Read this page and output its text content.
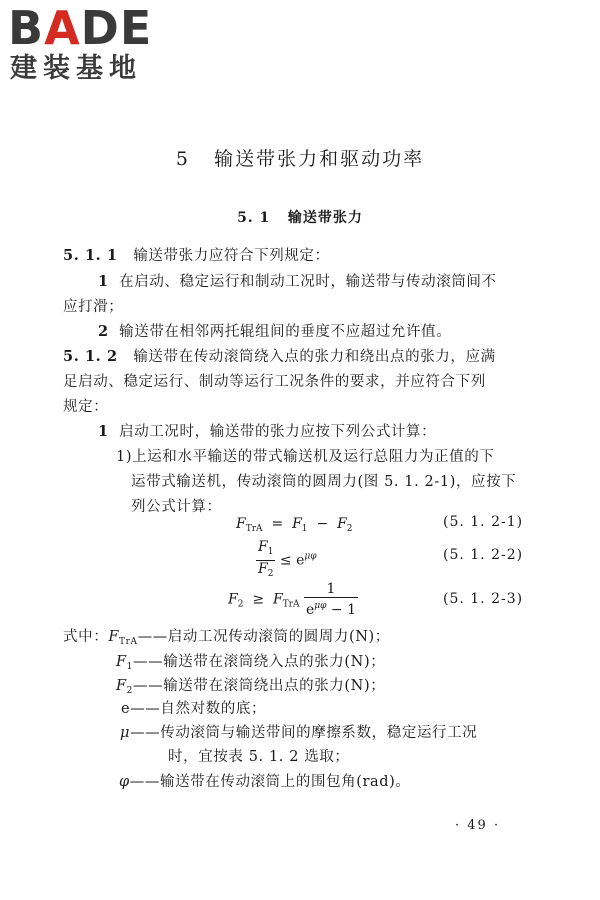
BADE
建装基地
5 输送带张力和驱动功率
5. 1 输送带张力
5. 1. 1 输送带张力应符合下列规定：
1 在启动、稳定运行和制动工况时，输送带与传动滚筒间不
应打滑；
2 输送带在相邻两托辊组间的垂度不应超过允许值。
5. 1. 2 输送带在传动滚筒绕入点的张力和绕出点的张力，应满
足启动、稳定运行、制动等运行工况条件的要求，并应符合下列
规定：
1 启动工况时，输送带的张力应按下列公式计算：
1)上运和水平输送的带式输送机及运行总阻力为正值的下
运带式输送机，传动滚筒的圆周力(图 5. 1. 2-1)，应按下
列公式计算：
$F_{TrA} = F_1 - F_2$	(5. 1. 2-1)
$\frac{F_1}{F_2} \le e^{\mu\varphi}$	(5. 1. 2-2)
$F_2 \ge F_{TrA} \frac{1}{e^{\mu\varphi} - 1}$	(5. 1. 2-3)
式中：$F_{TrA}——$启动工况传动滚筒的圆周力(N)；
$F_1——$输送带在滚筒绕入点的张力(N)；
$F_2——$输送带在滚筒绕出点的张力(N)；
e——自然对数的底；
μ——传动滚筒与输送带间的摩擦系数，稳定运行工况
时，宜按表 5. 1. 2 选取；
φ——输送带在传动滚筒上的围包角(rad)。
· 49 ·
